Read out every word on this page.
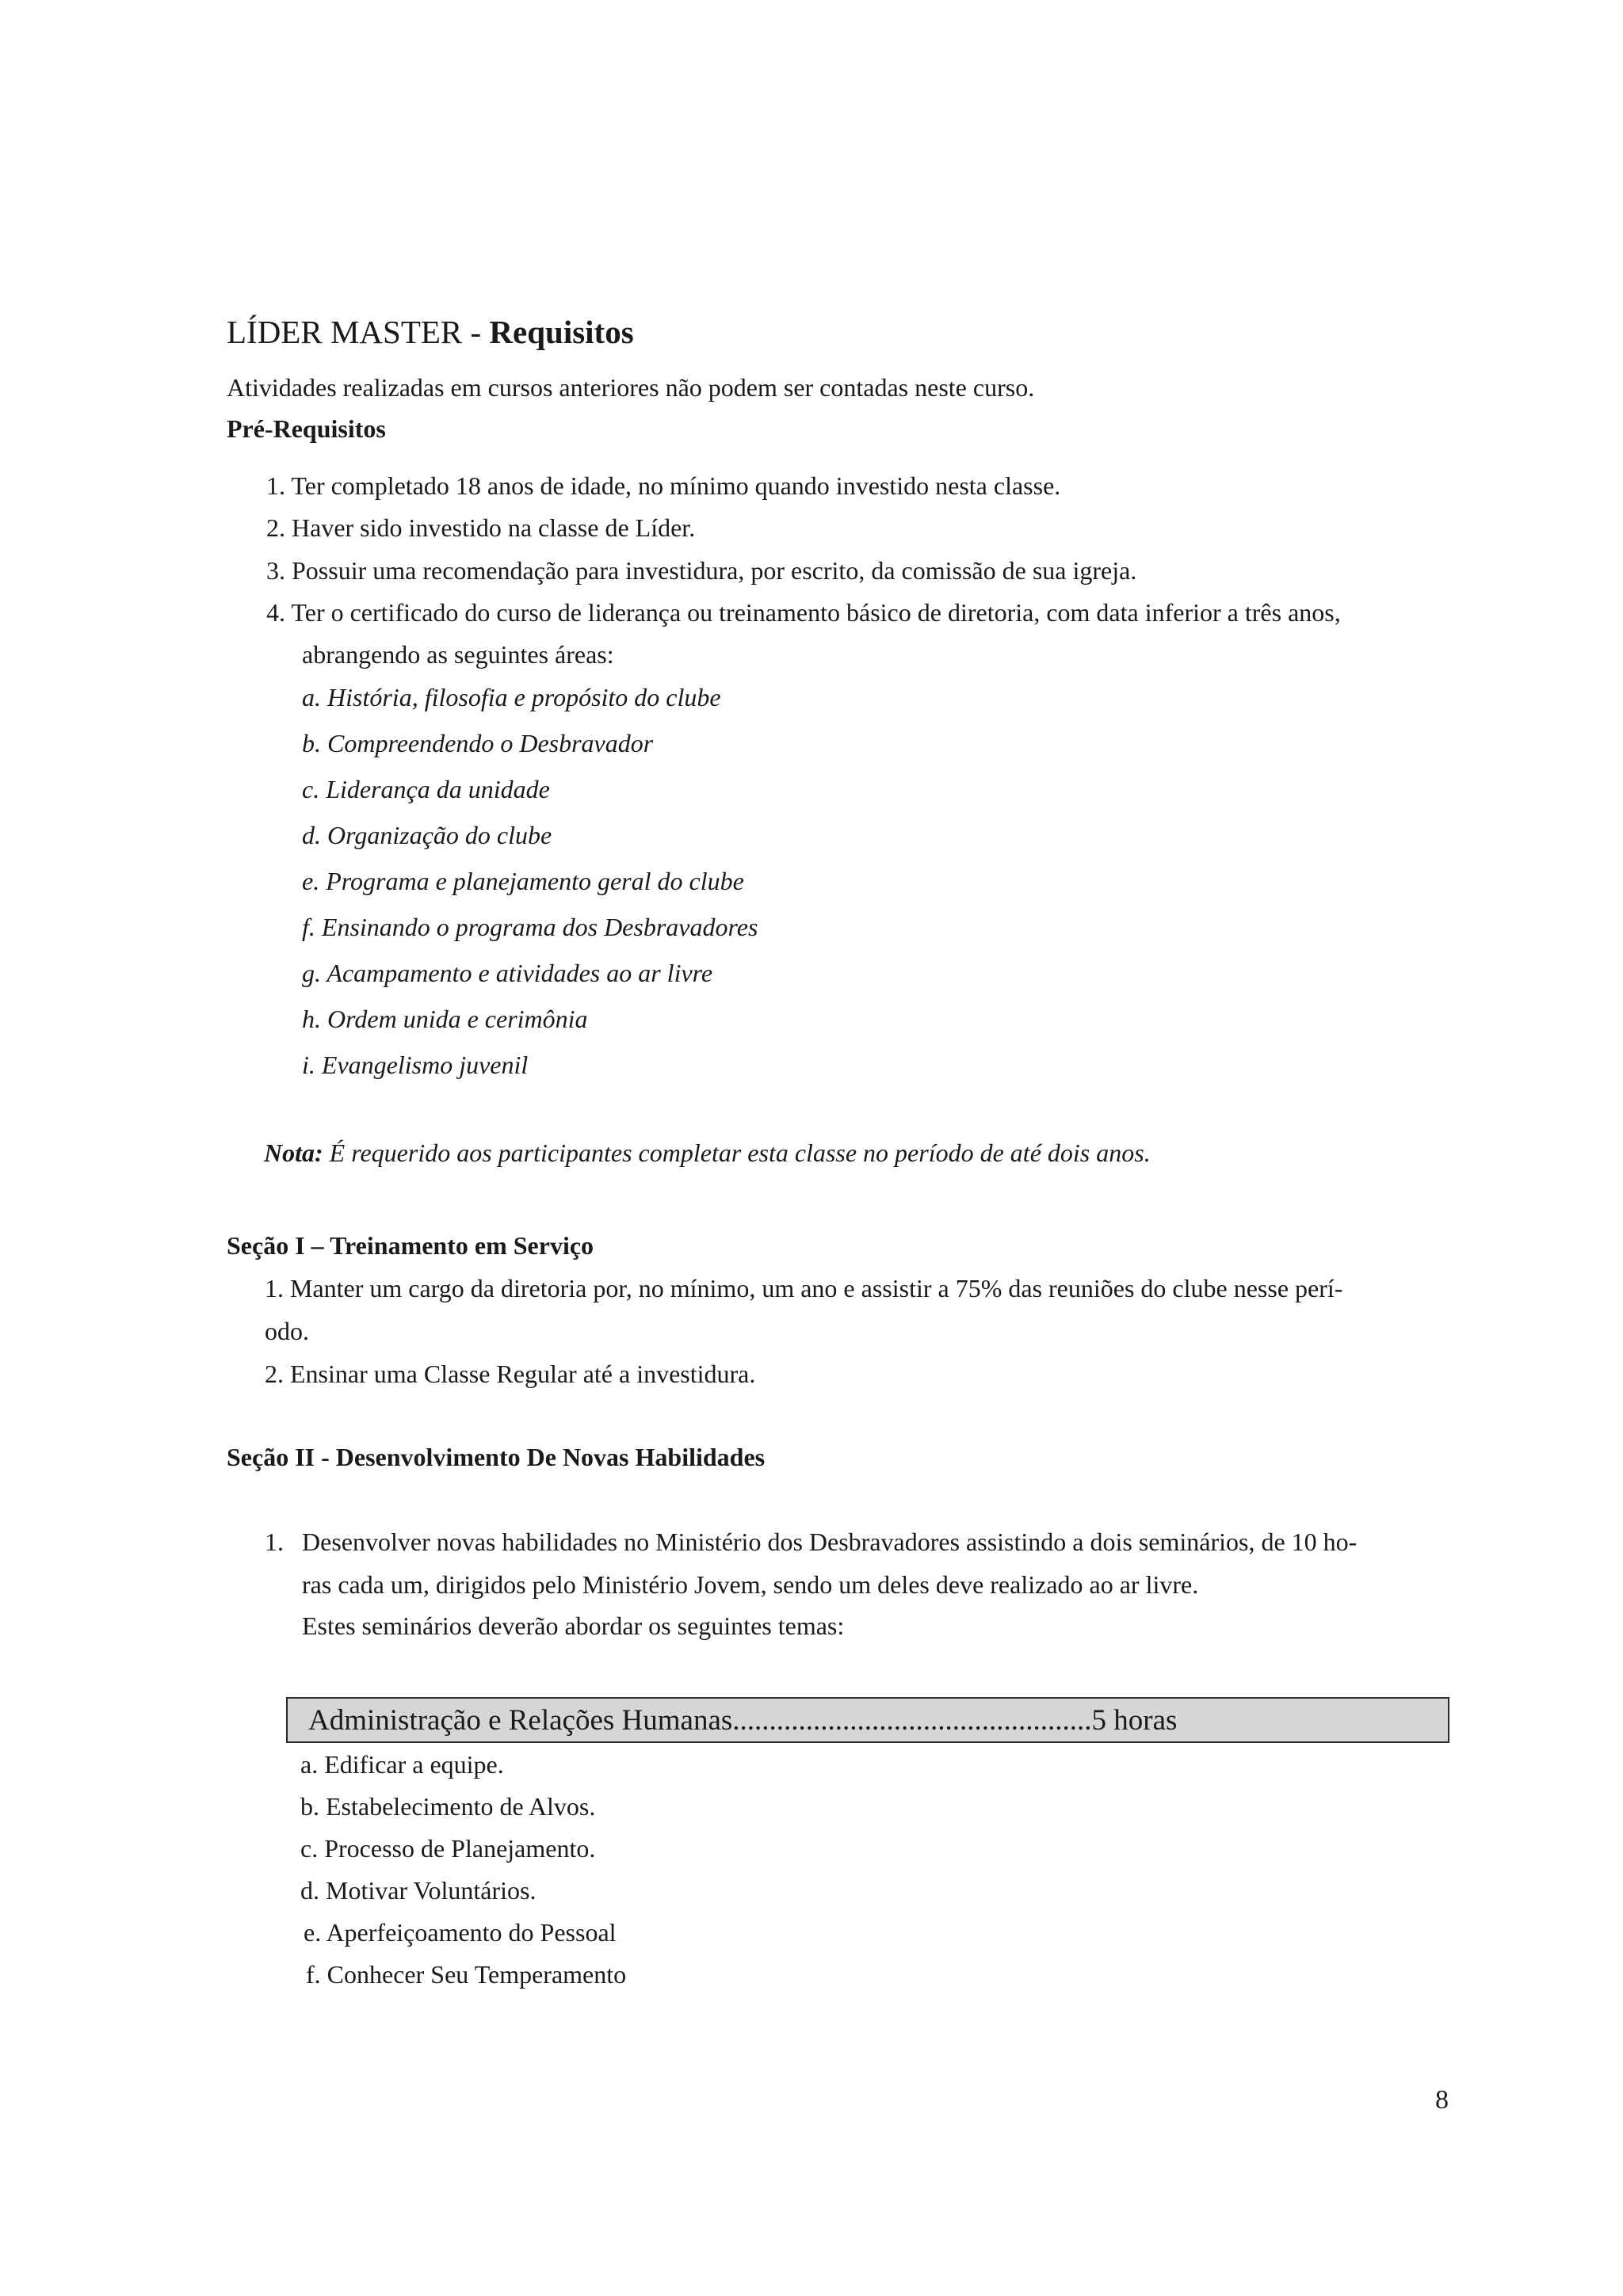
LÍDER MASTER - Requisitos
Atividades realizadas em cursos anteriores não podem ser contadas neste curso.
Pré-Requisitos
1. Ter completado 18 anos de idade, no mínimo quando investido nesta classe.
2. Haver sido investido na classe de Líder.
3. Possuir uma recomendação para investidura, por escrito, da comissão de sua igreja.
4. Ter o certificado do curso de liderança ou treinamento básico de diretoria, com data inferior a três anos,
abrangendo as seguintes áreas:
a. História, filosofia e propósito do clube
b. Compreendendo o Desbravador
c. Liderança da unidade
d. Organização do clube
e. Programa e planejamento geral do clube
f. Ensinando o programa dos Desbravadores
g. Acampamento e atividades ao ar livre
h. Ordem unida e cerimônia
i. Evangelismo juvenil
Nota: É requerido aos participantes completar esta classe no período de até dois anos.
Seção I – Treinamento em Serviço
1. Manter um cargo da diretoria por, no mínimo, um ano e assistir a 75% das reuniões do clube nesse perí-
odo.
2. Ensinar uma Classe Regular até a investidura.
Seção II - Desenvolvimento De Novas Habilidades
1. Desenvolver novas habilidades no Ministério dos Desbravadores assistindo a dois seminários, de 10 ho-
ras cada um, dirigidos pelo Ministério Jovem, sendo um deles deve realizado ao ar livre.
Estes seminários deverão abordar os seguintes temas:
Administração e Relações Humanas.................................................5 horas
a. Edificar a equipe.
b. Estabelecimento de Alvos.
c. Processo de Planejamento.
d. Motivar Voluntários.
e. Aperfeiçoamento do Pessoal
f. Conhecer Seu Temperamento
8
